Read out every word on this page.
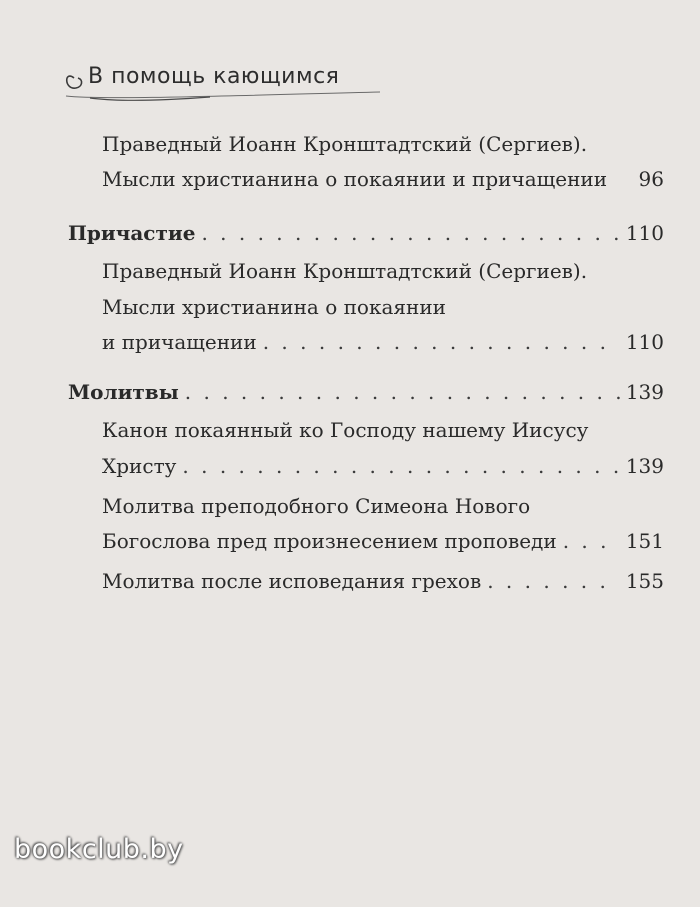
В помощь кающимся
Праведный Иоанн Кронштадтский (Сергиев).
Мысли христианина о покаянии и причащении 96
Причастие . . .	110
Праведный Иоанн Кронштадтский (Сергиев).
Мысли христианина о покаянии
и причащении . . .	110
Молитвы . . .	139
Канон покаянный ко Господу нашему Иисусу
Христу . . .	139
Молитва преподобного Симеона Нового
Богослова пред произнесением проповеди . . .	151
Молитва после исповедания грехов . . .	155
bookclub.by
